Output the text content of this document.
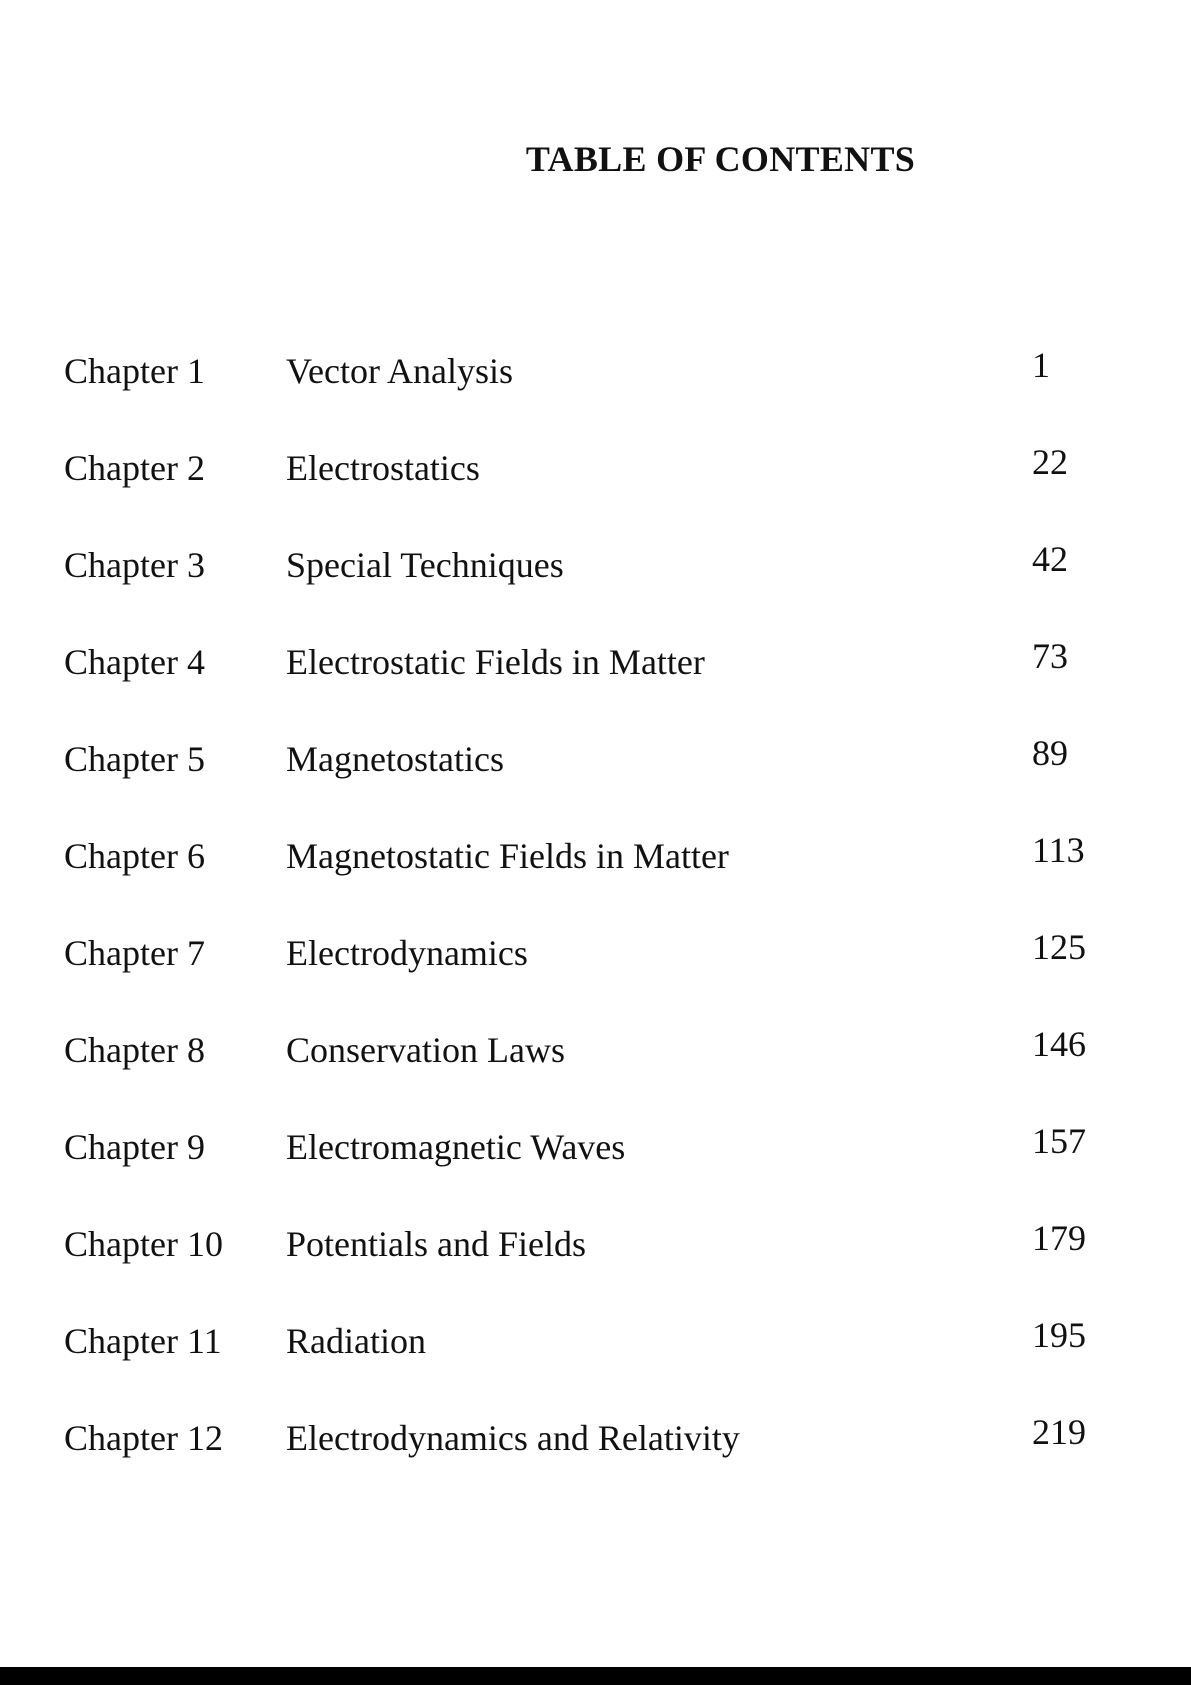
TABLE OF CONTENTS
Chapter 1 Vector Analysis	1
Chapter 2 Electrostatics	22
Chapter 3 Special Techniques	42
Chapter 4 Electrostatic Fields in Matter	73
Chapter 5 Magnetostatics	89
Chapter 6 Magnetostatic Fields in Matter	113
Chapter 7 Electrodynamics	125
Chapter 8 Conservation Laws	146
Chapter 9 Electromagnetic Waves	157
Chapter 10 Potentials and Fields	179
Chapter 11 Radiation	195
Chapter 12 Electrodynamics and Relativity	219
